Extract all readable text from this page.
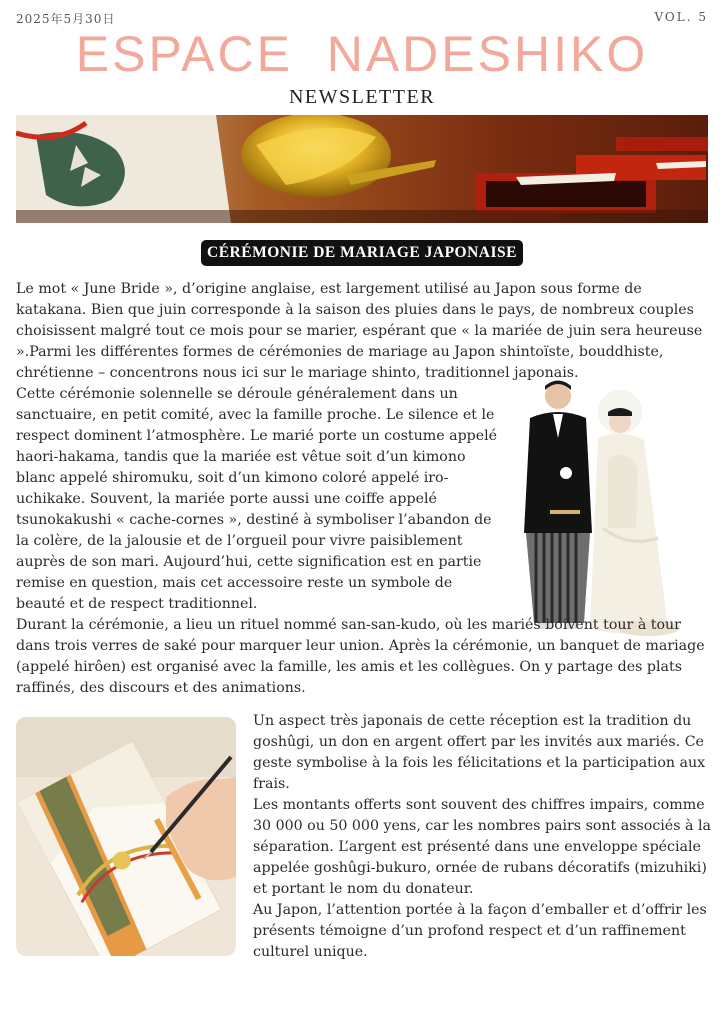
2025年5月30日	VOL. 5
ESPACE  NADESHIKO
NEWSLETTER
CÉRÉMONIE DE MARIAGE JAPONAISE

Le mot « June Bride », d’origine anglaise, est largement utilisé au Japon sous forme de katakana. Bien que juin corresponde à la saison des pluies dans le pays, de nombreux couples choisissent malgré tout ce mois pour se marier, espérant que « la mariée de juin sera heureuse ».Parmi les différentes formes de cérémonies de mariage au Japon shintoïste, bouddhiste, chrétienne – concentrons nous ici sur le mariage shinto, traditionnel japonais.

Cette cérémonie solennelle se déroule généralement dans un sanctuaire, en petit comité, avec la famille proche. Le silence et le respect dominent l’atmosphère. Le marié porte un costume appelé haori-hakama, tandis que la mariée est vêtue soit d’un kimono blanc appelé shiromuku, soit d’un kimono coloré appelé iro-uchikake. Souvent, la mariée porte aussi une coiffe appelé tsunokakushi « cache-cornes », destiné à symboliser l’abandon de la colère, de la jalousie et de l’orgueil pour vivre paisiblement auprès de son mari. Aujourd’hui, cette signification est en partie remise en question, mais cet accessoire reste un symbole de beauté et de respect traditionnel.

Durant la cérémonie, a lieu un rituel nommé san-san-kudo, où les mariés boivent tour à tour dans trois verres de saké pour marquer leur union. Après la cérémonie, un banquet de mariage (appelé hirôen) est organisé avec la famille, les amis et les collègues. On y partage des plats raffinés, des discours et des animations.

Un aspect très japonais de cette réception est la tradition du goshûgi, un don en argent offert par les invités aux mariés. Ce geste symbolise à la fois les félicitations et la participation aux frais.
Les montants offerts sont souvent des chiffres impairs, comme 30 000 ou 50 000 yens, car les nombres pairs sont associés à la séparation. L’argent est présenté dans une enveloppe spéciale appelée goshûgi-bukuro, ornée de rubans décoratifs (mizuhiki) et portant le nom du donateur.
Au Japon, l’attention portée à la façon d’emballer et d’offrir les présents témoigne d’un profond respect et d’un raffinement culturel unique.
